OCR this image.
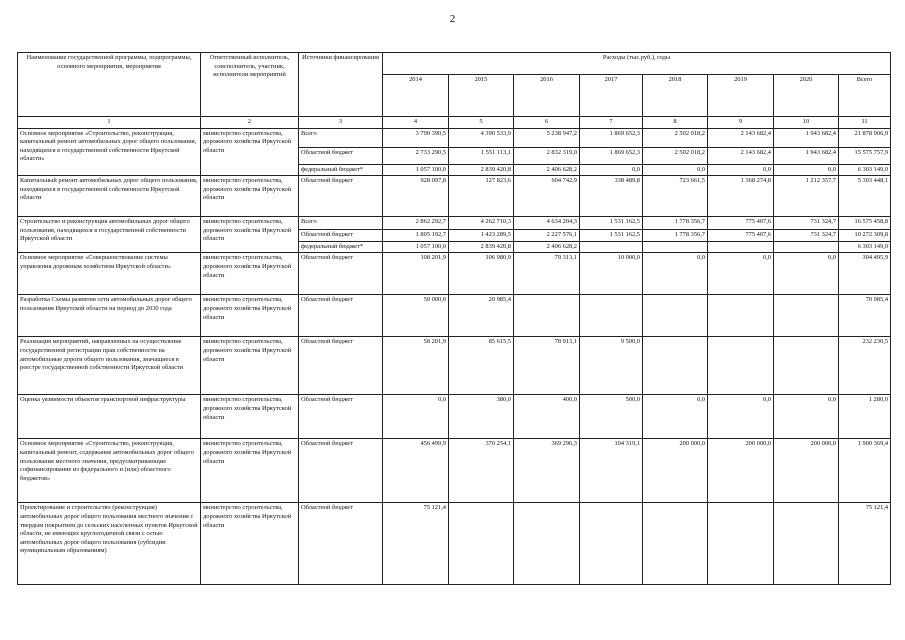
2
Наименование государственной программы, подпрограммы, основного мероприятия, мероприятия	Ответственный исполнитель, соисполнитель, участник, исполнители мероприятий	Источники финансирования	Расходы (тыс.руб.), годы							
			2014	2015	2016	2017	2018	2019	2020	Всего
1	2	3	4	5	6	7	8	9	10	11
Основное мероприятие «Строительство, реконструкция, капитальный ремонт автомобильных дорог общего пользования, находящихся в государственной собственности Иркутской области»	министерство строительства, дорожного хозяйства Иркутской области	Всего	3 790 390,5	4 390 533,9	5 238 947,2	1 869 652,3	2 502 018,2	2 143 682,4	1 943 682,4	21 878 906,9
		Областной бюджет	2 733 290,5	1 551 113,1	2 832 319,0	1 869 652,3	2 502 018,2	2 143 682,4	1 943 682,4	15 575 757,9
		федеральный бюджет*	1 057 100,0	2 839 420,8	2 406 628,2	0,0	0,0	0,0	0,0	6 303 149,0
Капитальный ремонт автомобильных дорог общего пользования, находящихся в государственной собственности Иркутской области	министерство строительства, дорожного хозяйства Иркутской области	Областной бюджет	928 097,8	127 823,6	604 742,9	338 489,8	723 661,5	1 368 274,8	1 212 357,7	5 303 448,1
Строительство и реконструкция автомобильных дорог общего пользования, находящихся в государственной собственности Иркутской области	министерство строительства, дорожного хозяйства Иркутской области	Всего	2 862 292,7	4 262 710,3	4 634 204,3	1 531 162,5	1 778 356,7	775 407,6	731 324,7	16 575 458,8
		Областной бюджет	1 805 192,7	1 423 289,5	2 227 576,1	1 531 162,5	1 778 356,7	775 407,6	731 324,7	10 272 309,8
		федеральный бюджет*	1 057 100,0	2 839 420,8	2 406 628,2					6 303 149,0
Основное мероприятие «Совершенствование системы управления дорожным хозяйством Иркутской области»	министерство строительства, дорожного хозяйства Иркутской области	Областной бюджет	108 201,9	106 980,9	79 313,1	10 000,0	0,0	0,0	0,0	304 495,9
Разработка Схемы развития сети автомобильных дорог общего пользования Иркутской области на период до 2030 года	министерство строительства, дорожного хозяйства Иркутской области	Областной бюджет	50 000,0	20 985,4						70 985,4
Реализация мероприятий, направленных на осуществление государственной регистрации прав собственности на автомобильные дороги общего пользования, значащиеся в реестре государственной собственности Иркутской области	министерство строительства, дорожного хозяйства Иркутской области	Областной бюджет	58 201,9	85 615,5	78 913,1	9 500,0				232 230,5
Оценка уязвимости объектов транспортной инфраструктуры	министерство строительства, дорожного хозяйства Иркутской области	Областной бюджет	0,0	380,0	400,0	500,0	0,0	0,0	0,0	1 280,0
Основное мероприятие «Строительство, реконструкция, капитальный ремонт, содержание автомобильных дорог общего пользования местного значения, предусматривающие софинансирование из федерального и (или) областного бюджетов»	министерство строительства, дорожного хозяйства Иркутской области	Областной бюджет	456 499,9	370 254,1	369 296,3	104 319,1	200 000,0	200 000,0	200 000,0	1 900 369,4
Проектирование и строительство (реконструкция) автомобильных дорог общего пользования местного значения с твердым покрытием до сельских населенных пунктов Иркутской области, не имеющих круглогодичной связи с сетью автомобильных дорог общего пользования (субсидии муниципальным образованиям)	министерство строительства, дорожного хозяйства Иркутской области	Областной бюджет	75 121,4							75 121,4
